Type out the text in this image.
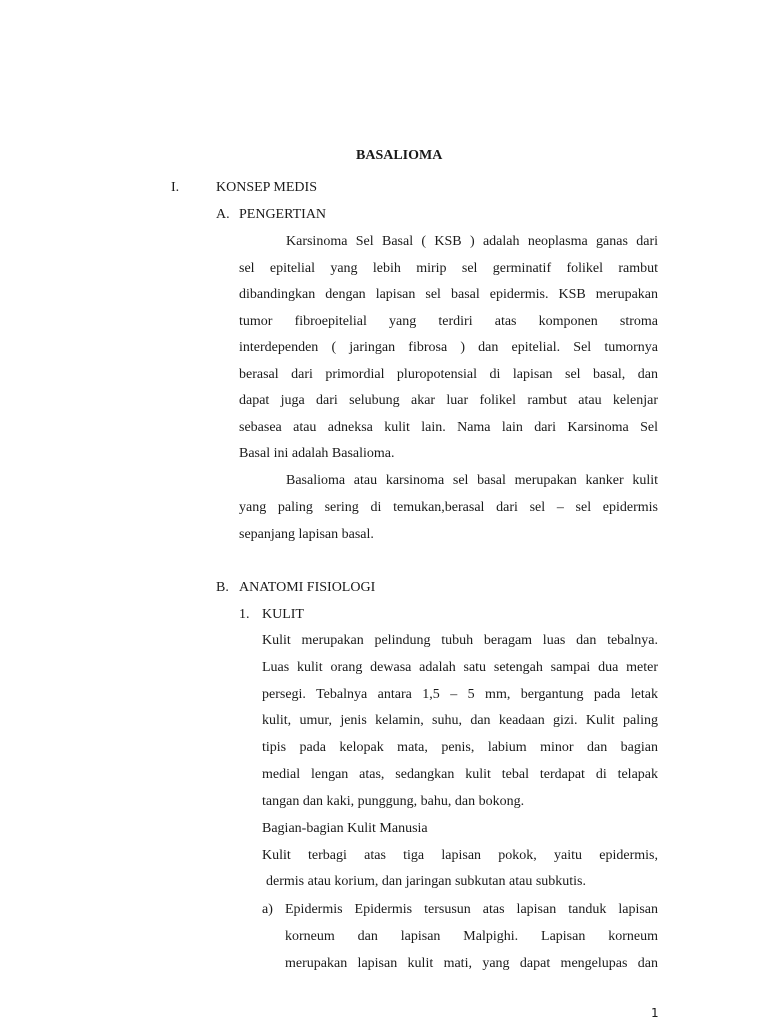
BASALIOMA
I.	KONSEP MEDIS
A. PENGERTIAN

Karsinoma Sel Basal ( KSB ) adalah neoplasma ganas dari

sel epitelial yang lebih mirip sel germinatif folikel rambut

dibandingkan dengan lapisan sel basal epidermis. KSB merupakan

tumor fibroepitelial yang terdiri atas komponen stroma

interdependen ( jaringan fibrosa ) dan epitelial. Sel tumornya

berasal dari primordial pluropotensial di lapisan sel basal, dan

dapat juga dari selubung akar luar folikel rambut atau kelenjar

sebasea atau adneksa kulit lain. Nama lain dari Karsinoma Sel

Basal ini adalah Basalioma.

Basalioma atau karsinoma sel basal merupakan kanker kulit

yang paling sering di temukan,berasal dari sel – sel epidermis

sepanjang lapisan basal.

B. ANATOMI FISIOLOGI
1. KULIT

Kulit merupakan pelindung tubuh beragam luas dan tebalnya.

Luas kulit orang dewasa adalah satu setengah sampai dua meter

persegi. Tebalnya antara 1,5 – 5 mm, bergantung pada letak

kulit, umur, jenis kelamin, suhu, dan keadaan gizi. Kulit paling

tipis pada kelopak mata, penis, labium minor dan bagian

medial lengan atas, sedangkan kulit tebal terdapat di telapak

tangan dan kaki, punggung, bahu, dan bokong.

Bagian-bagian Kulit Manusia

Kulit terbagi atas tiga lapisan pokok, yaitu epidermis,

dermis atau korium, dan jaringan subkutan atau subkutis.

a) Epidermis Epidermis tersusun atas lapisan tanduk lapisan

korneum dan lapisan Malpighi. Lapisan korneum

merupakan lapisan kulit mati, yang dapat mengelupas dan

1
